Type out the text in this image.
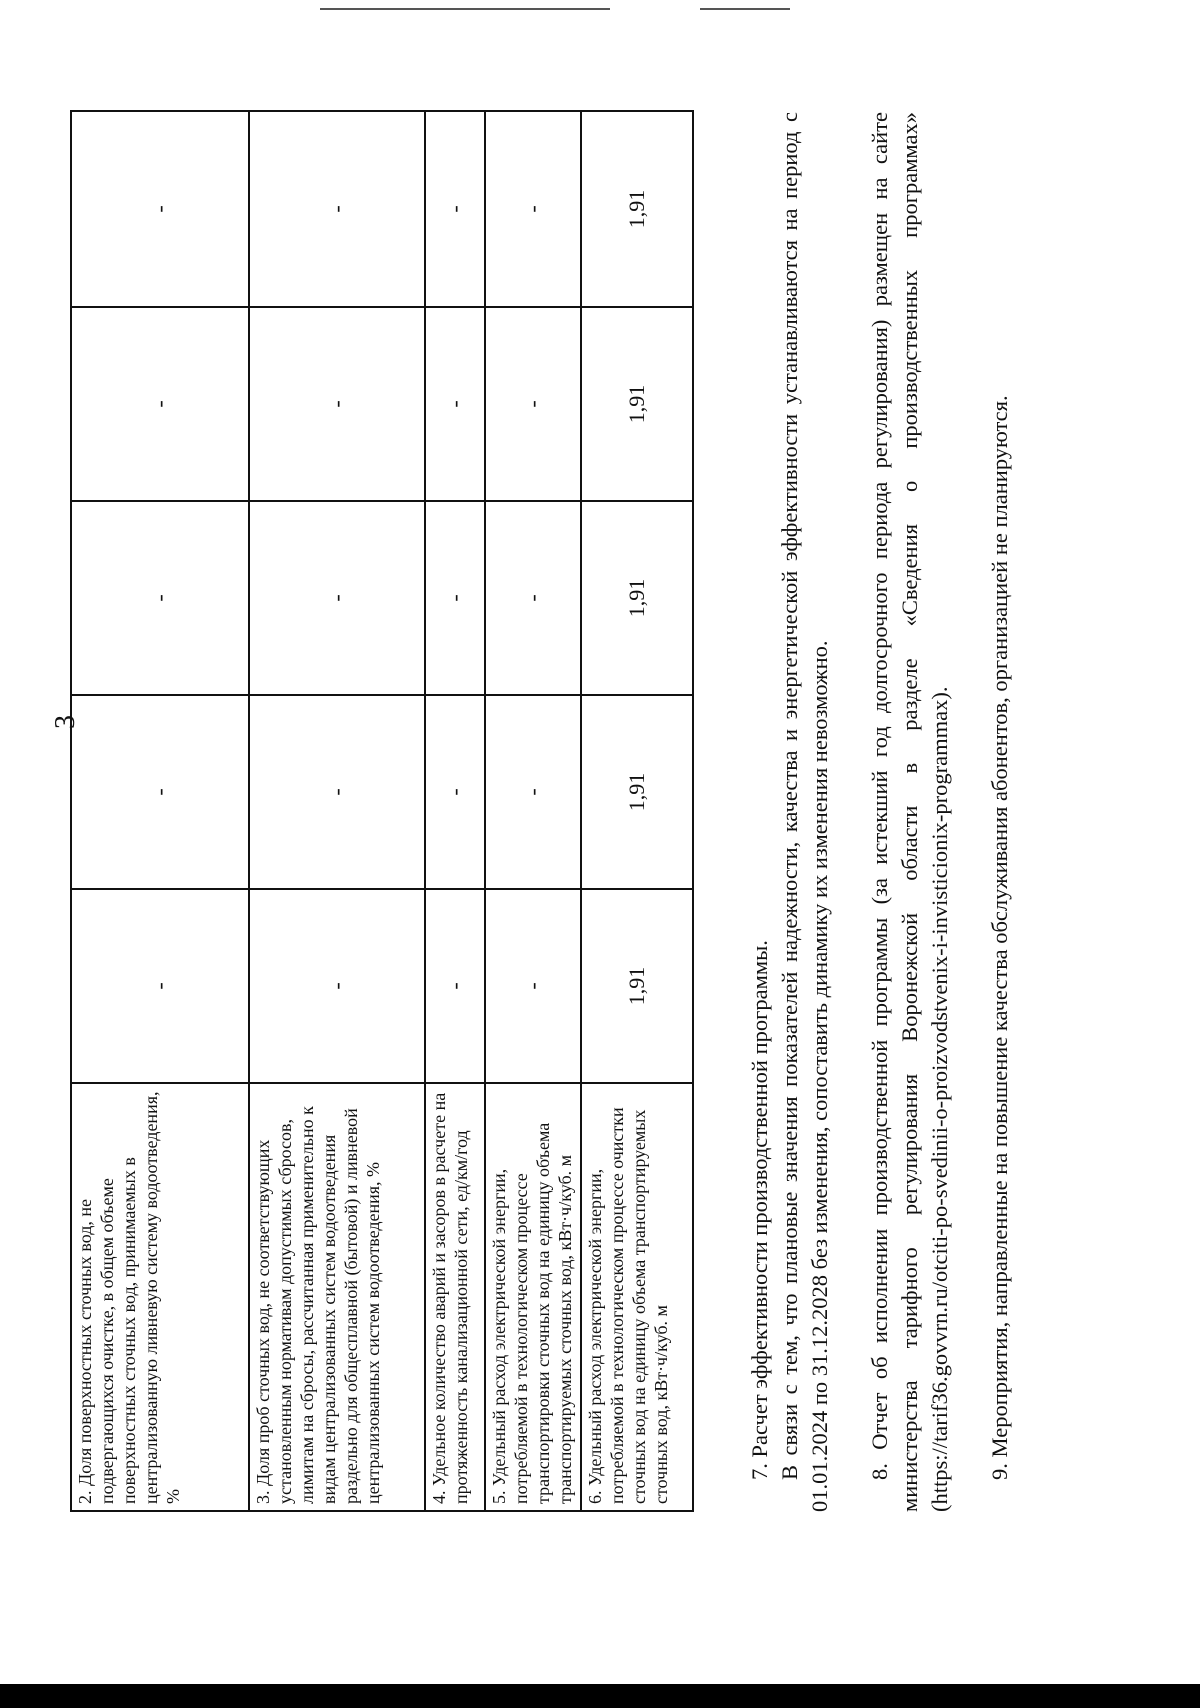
3
2. Доля поверхностных сточных вод, не подвергающихся очистке, в общем объеме поверхностных сточных вод, принимаемых в централизованную ливневую систему водоотведения, %	-	-	-	-	-
3. Доля проб сточных вод, не соответствующих установленным нормативам допустимых сбросов, лимитам на сбросы, рассчитанная применительно к видам централизованных систем водоотведения раздельно для общесплавной (бытовой) и ливневой централизованных систем водоотведения, %	-	-	-	-	-
4. Удельное количество аварий и засоров в расчете на протяженность канализационной сети, ед/км/год	-	-	-	-	-
5. Удельный расход электрической энергии, потребляемой в технологическом процессе транспортировки сточных вод на единицу объема транспортируемых сточных вод, кВт·ч/куб. м	-	-	-	-	-
6. Удельный расход электрической энергии, потребляемой в технологическом процессе очистки сточных вод на единицу объема транспортируемых сточных вод, кВт·ч/куб. м	1,91	1,91	1,91	1,91	1,91

7. Расчет эффективности производственной программы. В связи с тем, что плановые значения показателей надежности, качества и энергетической эффективности устанавливаются на период с 01.01.2024 по 31.12.2028 без изменения, сопоставить динамику их изменения невозможно. 8. Отчет об исполнении производственной программы (за истекший год долгосрочного периода регулирования) размещен на сайте министерства тарифного регулирования Воронежской области в разделе «Сведения о производственных программах» (https://tarif36.govvrn.ru/otciti-po-svedinii-o-proizvodstvenix-i-invisticionix-programmax). 9. Мероприятия, направленные на повышение качества обслуживания абонентов, организацией не планируются.
